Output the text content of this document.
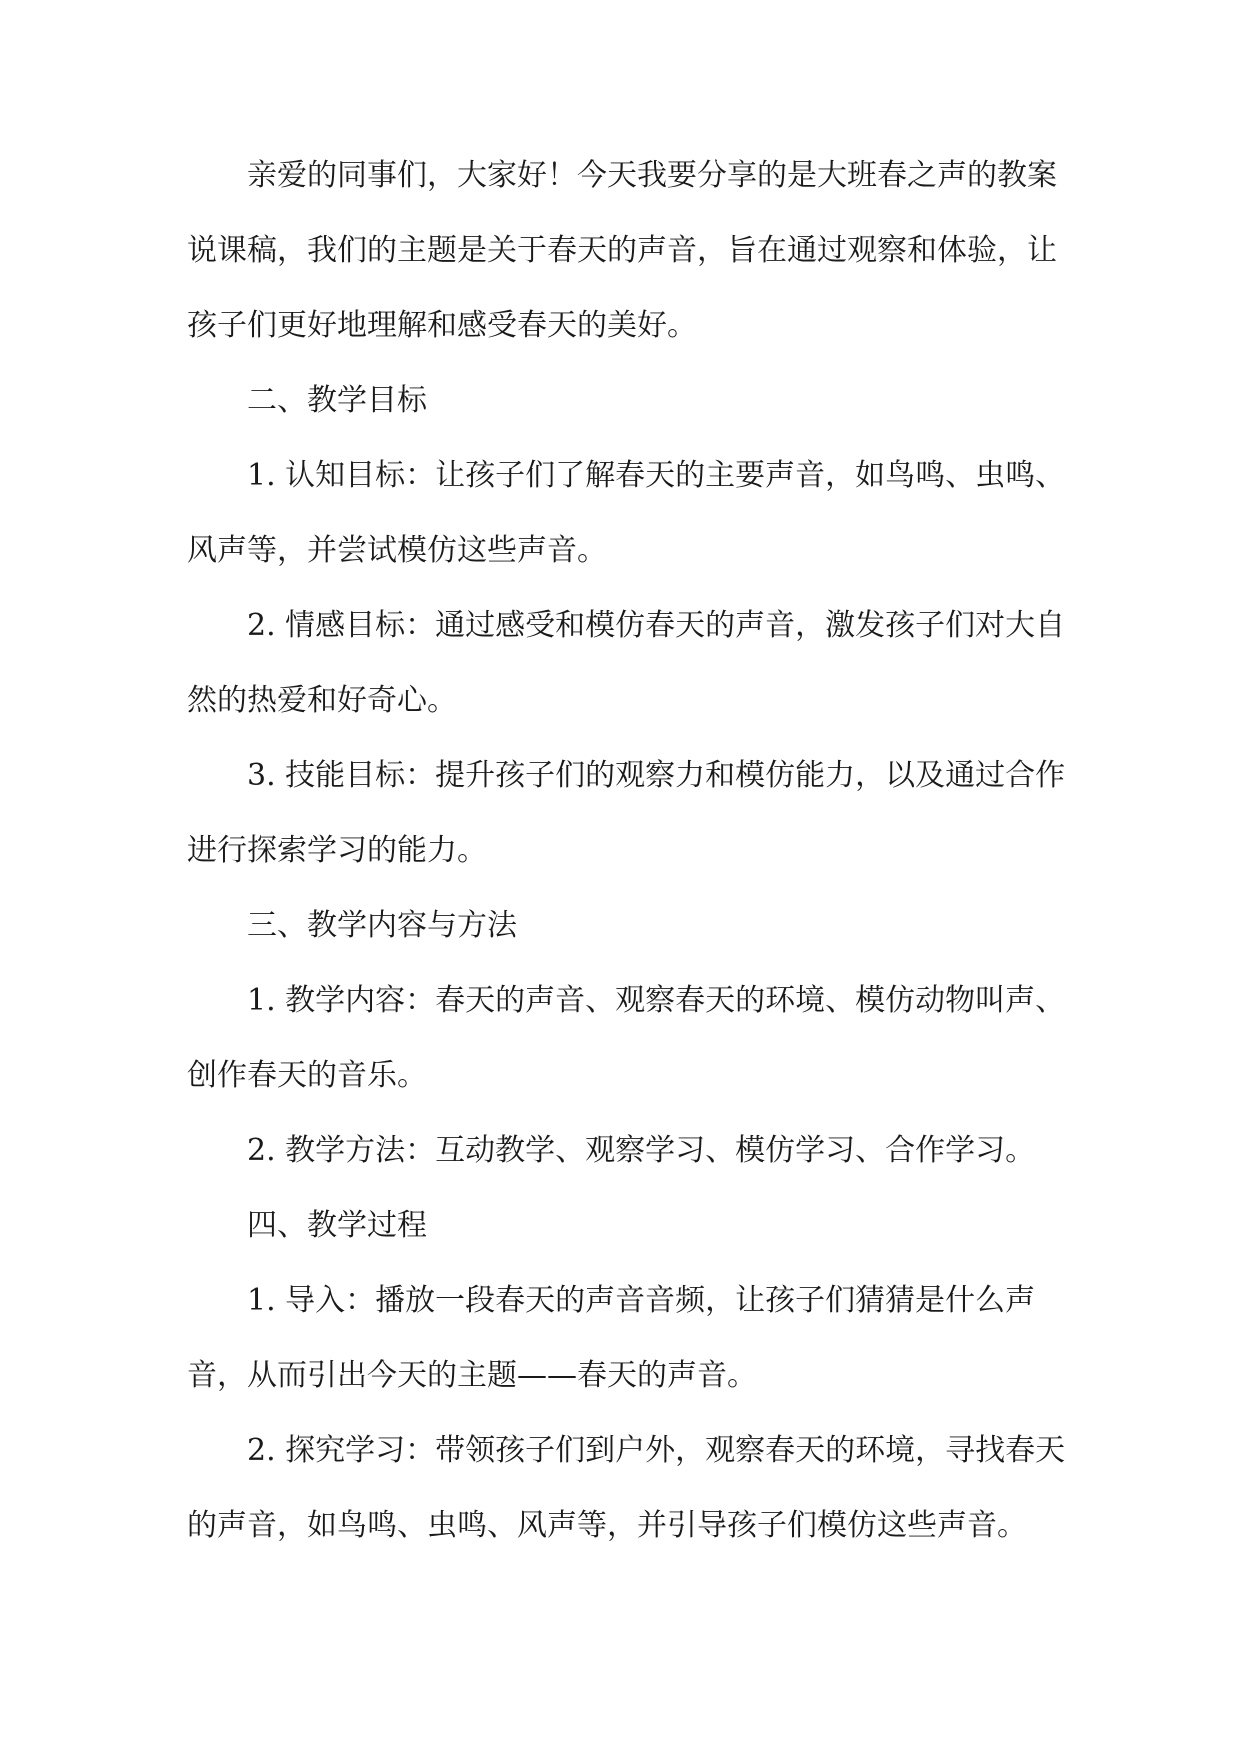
亲爱的同事们，大家好！今天我要分享的是大班春之声的教案说课稿，我们的主题是关于春天的声音，旨在通过观察和体验，让孩子们更好地理解和感受春天的美好。

二、教学目标

1. 认知目标：让孩子们了解春天的主要声音，如鸟鸣、虫鸣、风声等，并尝试模仿这些声音。

2. 情感目标：通过感受和模仿春天的声音，激发孩子们对大自然的热爱和好奇心。

3. 技能目标：提升孩子们的观察力和模仿能力，以及通过合作进行探索学习的能力。

三、教学内容与方法

1. 教学内容：春天的声音、观察春天的环境、模仿动物叫声、创作春天的音乐。

2. 教学方法：互动教学、观察学习、模仿学习、合作学习。

四、教学过程

1. 导入：播放一段春天的声音音频，让孩子们猜猜是什么声音，从而引出今天的主题——春天的声音。

2. 探究学习：带领孩子们到户外，观察春天的环境，寻找春天的声音，如鸟鸣、虫鸣、风声等，并引导孩子们模仿这些声音。
